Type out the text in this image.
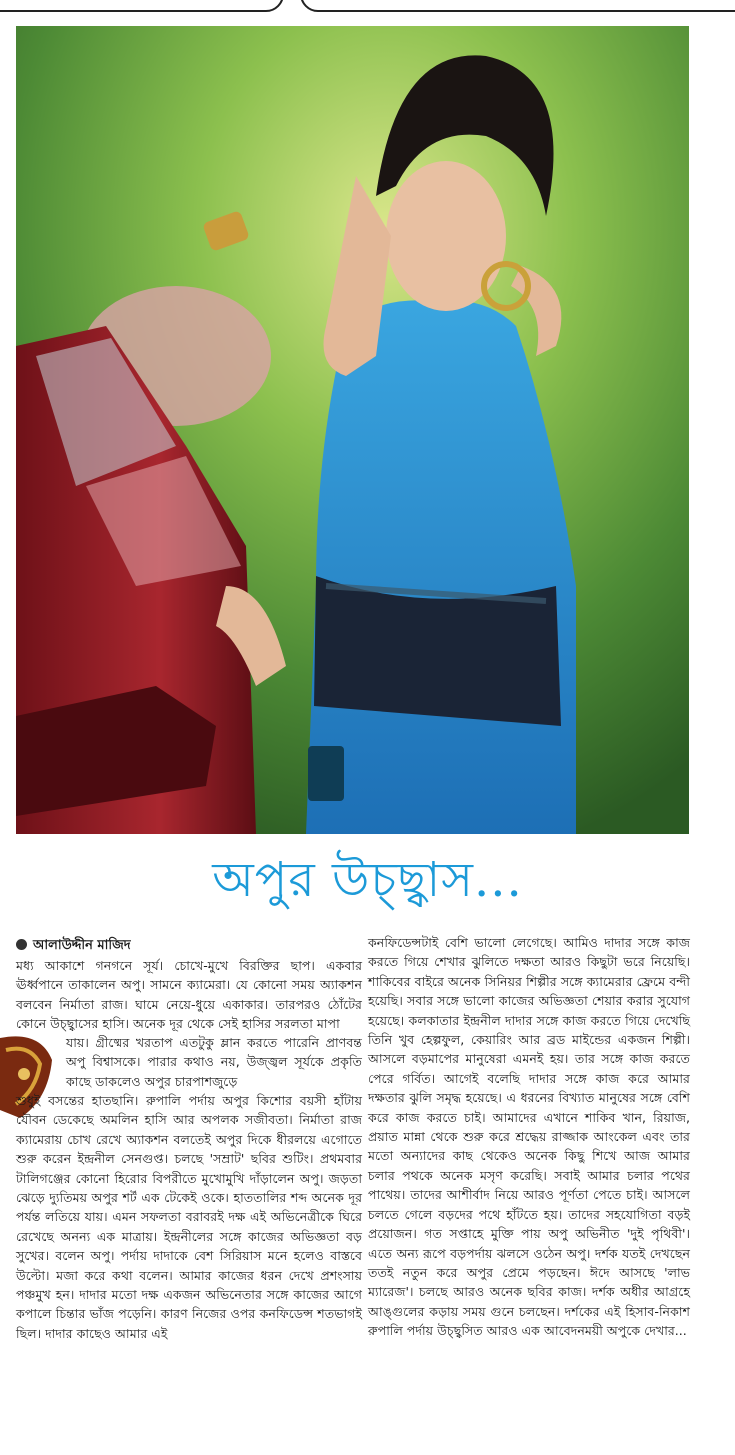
অপুর উচ্ছ্বাস...
আলাউদ্দীন মাজিদ

মধ্য আকাশে গনগনে সূর্য। চোখে-মুখে বিরক্তির ছাপ। একবার ঊর্ধ্বপানে তাকালেন অপু। সামনে ক্যামেরা। যে কোনো সময় অ্যাকশন বলবেন নির্মাতা রাজ। ঘামে নেয়ে-ধুয়ে একাকার। তারপরও ঠোঁটের কোনে উচ্ছ্বাসের হাসি। অনেক দূর থেকে সেই হাসির সরলতা মাপা

যায়। গ্রীষ্মের খরতাপ এতটুকু ম্লান করতে পারেনি প্রাণবন্ত অপু বিশ্বাসকে। পারার কথাও নয়, উজ্জ্বল সূর্যকে প্রকৃতি কাছে ডাকলেও অপুর চারপাশজুড়ে

শুধুই বসন্তের হাতছানি। রুপালি পর্দায় অপুর কিশোর বয়সী হাঁটায় যৌবন ডেকেছে অমলিন হাসি আর অপলক সজীবতা। নির্মাতা রাজ ক্যামেরায় চোখ রেখে অ্যাকশন বলতেই অপুর দিকে ধীরলয়ে এগোতে শুরু করেন ইন্দ্রনীল সেনগুপ্ত। চলছে 'সম্রাট' ছবির শুটিং। প্রথমবার টালিগঞ্জের কোনো হিরোর বিপরীতে মুখোমুখি দাঁড়ালেন অপু। জড়তা ঝেড়ে দ্যুতিময় অপুর শর্ট এক টেকেই ওকে। হাততালির শব্দ অনেক দূর পর্যন্ত লতিয়ে যায়। এমন সফলতা বরাবরই দক্ষ এই অভিনেত্রীকে ঘিরে রেখেছে অনন্য এক মাত্রায়। ইন্দ্রনীলের সঙ্গে কাজের অভিজ্ঞতা বড় সুখের। বলেন অপু। পর্দায় দাদাকে বেশ সিরিয়াস মনে হলেও বাস্তবে উল্টো। মজা করে কথা বলেন। আমার কাজের ধরন দেখে প্রশংসায় পঞ্চমুখ হন। দাদার মতো দক্ষ একজন অভিনেতার সঙ্গে কাজের আগে কপালে চিন্তার ভাঁজ পড়েনি। কারণ নিজের ওপর কনফিডেন্স শতভাগই ছিল। দাদার কাছেও আমার এই

কনফিডেন্সটাই বেশি ভালো লেগেছে। আমিও দাদার সঙ্গে কাজ করতে গিয়ে শেখার ঝুলিতে দক্ষতা আরও কিছুটা ভরে নিয়েছি। শাকিবের বাইরে অনেক সিনিয়র শিল্পীর সঙ্গে ক্যামেরার ফ্রেমে বন্দী হয়েছি। সবার সঙ্গে ভালো কাজের অভিজ্ঞতা শেয়ার করার সুযোগ হয়েছে। কলকাতার ইন্দ্রনীল দাদার সঙ্গে কাজ করতে গিয়ে দেখেছি তিনি খুব হেল্পফুল, কেয়ারিং আর ব্রড মাইন্ডের একজন শিল্পী। আসলে বড়মাপের মানুষেরা এমনই হয়। তার সঙ্গে কাজ করতে পেরে গর্বিত। আগেই বলেছি দাদার সঙ্গে কাজ করে আমার দক্ষতার ঝুলি সমৃদ্ধ হয়েছে। এ ধরনের বিখ্যাত মানুষের সঙ্গে বেশি করে কাজ করতে চাই। আমাদের এখানে শাকিব খান, রিয়াজ, প্রয়াত মান্না থেকে শুরু করে শ্রদ্ধেয় রাজ্জাক আংকেল এবং তার মতো অন্যাদের কাছ থেকেও অনেক কিছু শিখে আজ আমার চলার পথকে অনেক মসৃণ করেছি। সবাই আমার চলার পথের পাথেয়। তাদের আশীর্বাদ নিয়ে আরও পূর্ণতা পেতে চাই। আসলে চলতে গেলে বড়দের পথে হাঁটতে হয়। তাদের সহযোগিতা বড়ই প্রয়োজন। গত সপ্তাহে মুক্তি পায় অপু অভিনীত 'দুই পৃথিবী'। এতে অন্য রূপে বড়পর্দায় ঝলসে ওঠেন অপু। দর্শক যতই দেখছেন ততই নতুন করে অপুর প্রেমে পড়ছেন। ঈদে আসছে 'লাভ ম্যারেজ'। চলছে আরও অনেক ছবির কাজ। দর্শক অধীর আগ্রহে আঙ্গুলের কড়ায় সময় গুনে চলছেন। দর্শকের এই হিসাব-নিকাশ রুপালি পর্দায় উচ্ছ্বসিত আরও এক আবেদনময়ী অপুকে দেখার...
